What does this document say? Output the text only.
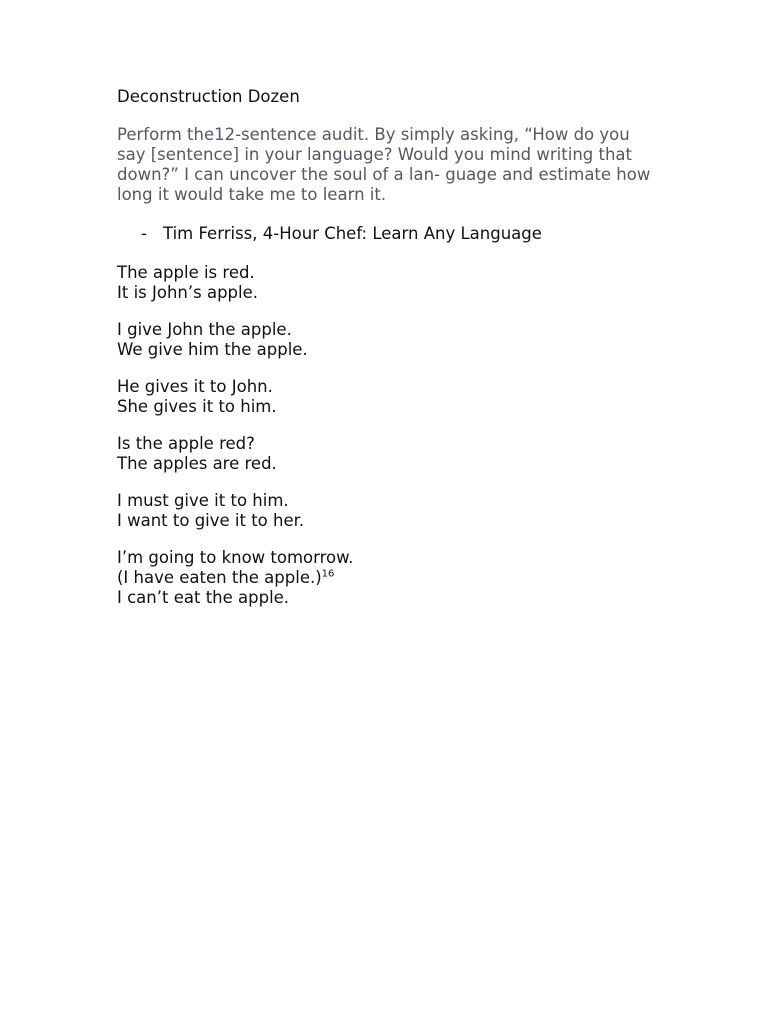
Deconstruction Dozen

Perform the12-sentence audit. By simply asking, “How do you say [sentence] in your language? Would you mind writing that down?” I can uncover the soul of a lan- guage and estimate how long it would take me to learn it.

- Tim Ferriss, 4-Hour Chef: Learn Any Language
The apple is red.
It is John’s apple.
I give John the apple.
We give him the apple.
He gives it to John.
She gives it to him.
Is the apple red?
The apples are red.
I must give it to him.
I want to give it to her.
I’m going to know tomorrow.
(I have eaten the apple.)$^{16}$
I can’t eat the apple.
